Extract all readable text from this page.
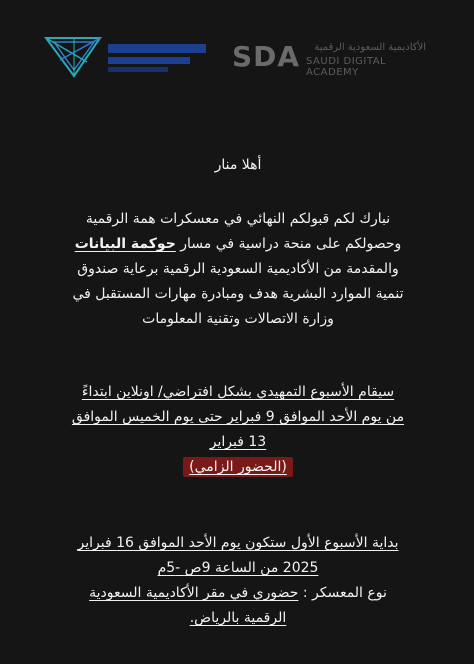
SDA	الأكاديمية السعودية الرقمية
SAUDI DIGITAL ACADEMY
أهلا منار
نبارك لكم قبولكم النهائي في معسكرات همة الرقمية
وحصولكم على منحة دراسية في مسار حوكمة البيانات
والمقدمة من الأكاديمية السعودية الرقمية برعاية صندوق
تنمية الموارد البشرية هدف ومبادرة مهارات المستقبل في
وزارة الاتصالات وتقنية المعلومات
سيقام الأسبوع التمهيدي بشكل افتراضي/ اونلاين ابتداءً
من يوم الأحد الموافق 9 فبراير حتى يوم الخميس الموافق
13 فبراير
(الحضور الزامي)
بداية الأسبوع الأول ستكون يوم الأحد الموافق 16 فبراير
2025 من الساعة 9ص -5م
نوع المعسكر : حضوري في مقر الأكاديمية السعودية
الرقمية بالرياض.
